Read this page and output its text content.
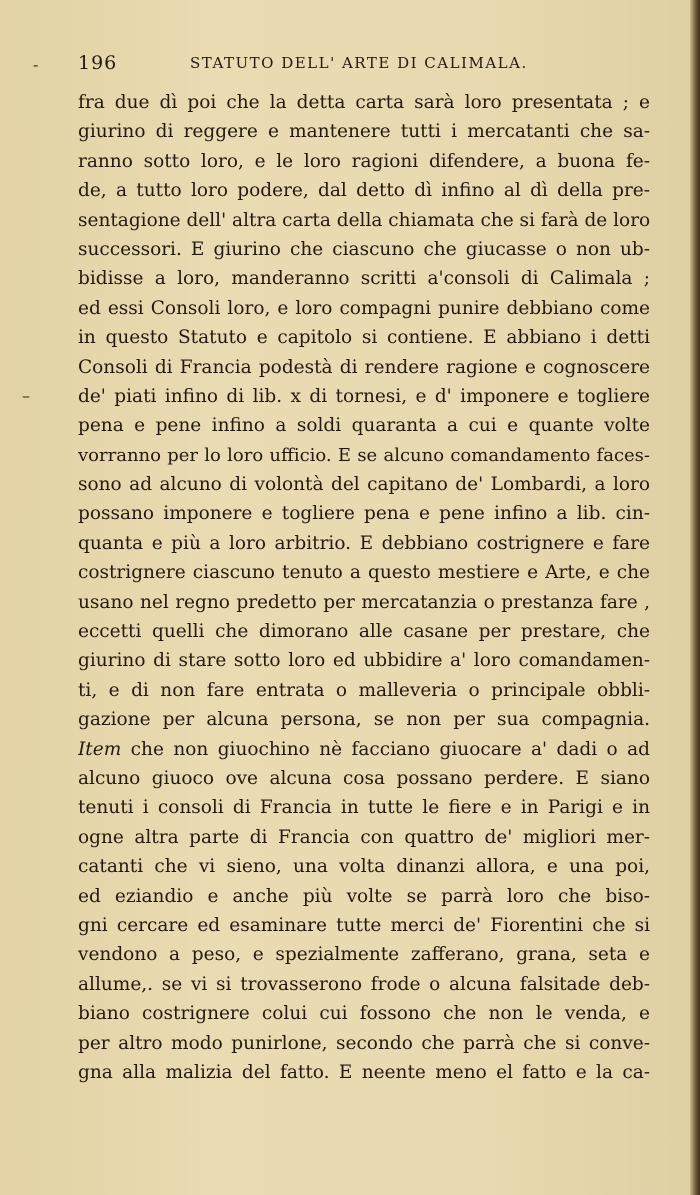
196	STATUTO DELL' ARTE DI CALIMALA.
-
–
fra due dì poi che la detta carta sarà loro presentata ; e
giurino di reggere e mantenere tutti i mercatanti che sa-
ranno sotto loro, e le loro ragioni difendere, a buona fe-
de, a tutto loro podere, dal detto dì infino al dì della pre-
sentagione dell' altra carta della chiamata che si farà de loro
successori. E giurino che ciascuno che giucasse o non ub-
bidisse a loro, manderanno scritti a'consoli di Calimala ;
ed essi Consoli loro, e loro compagni punire debbiano come
in questo Statuto e capitolo si contiene. E abbiano i detti
Consoli di Francia podestà di rendere ragione e cognoscere
de' piati infino di lib. x di tornesi, e d' imponere e togliere
pena e pene infino a soldi quaranta a cui e quante volte
vorranno per lo loro ufficio. E se alcuno comandamento faces-
sono ad alcuno di volontà del capitano de' Lombardi, a loro
possano imponere e togliere pena e pene infino a lib. cin-
quanta e più a loro arbitrio. E debbiano costrignere e fare
costrignere ciascuno tenuto a questo mestiere e Arte, e che
usano nel regno predetto per mercatanzia o prestanza fare ,
eccetti quelli che dimorano alle casane per prestare, che
giurino di stare sotto loro ed ubbidire a' loro comandamen-
ti, e di non fare entrata o malleveria o principale obbli-
gazione per alcuna persona, se non per sua compagnia.
Item che non giuochino nè facciano giuocare a' dadi o ad
alcuno giuoco ove alcuna cosa possano perdere. E siano
tenuti i consoli di Francia in tutte le fiere e in Parigi e in
ogne altra parte di Francia con quattro de' migliori mer-
catanti che vi sieno, una volta dinanzi allora, e una poi,
ed eziandio e anche più volte se parrà loro che biso-
gni cercare ed esaminare tutte merci de' Fiorentini che si
vendono a peso, e spezialmente zafferano, grana, seta e
allume,. se vi si trovasserono frode o alcuna falsitade deb-
biano costrignere colui cui fossono che non le venda, e
per altro modo punirlone, secondo che parrà che si conve-
gna alla malizia del fatto. E neente meno el fatto e la ca-
